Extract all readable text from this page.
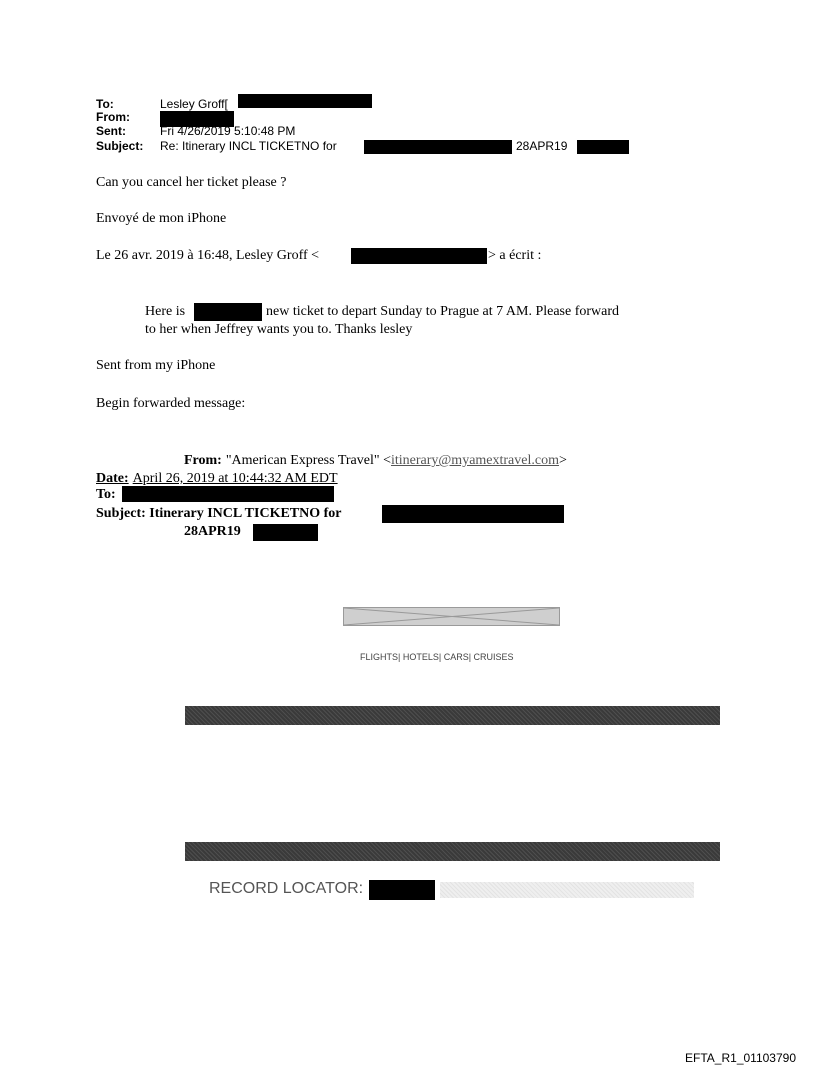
To:	Lesley Groff[
From:
Sent:	Fri 4/26/2019 5:10:48 PM
Subject: Re: Itinerary INCL TICKETNO for	28APR19
Can you cancel her ticket please ?
Envoyé de mon iPhone
Le 26 avr. 2019 à 16:48, Lesley Groff <	> a écrit :
Here is	new ticket to depart Sunday to Prague at 7 AM. Please forward
to her when Jeffrey wants you to. Thanks lesley
Sent from my iPhone
Begin forwarded message:
From: "American Express Travel" <itinerary@myamextravel.com>
Date: April 26, 2019 at 10:44:32 AM EDT
To:
Subject: Itinerary INCL TICKETNO for
28APR19
FLIGHTS| HOTELS| CARS| CRUISES
RECORD LOCATOR:
EFTA_R1_01103790
